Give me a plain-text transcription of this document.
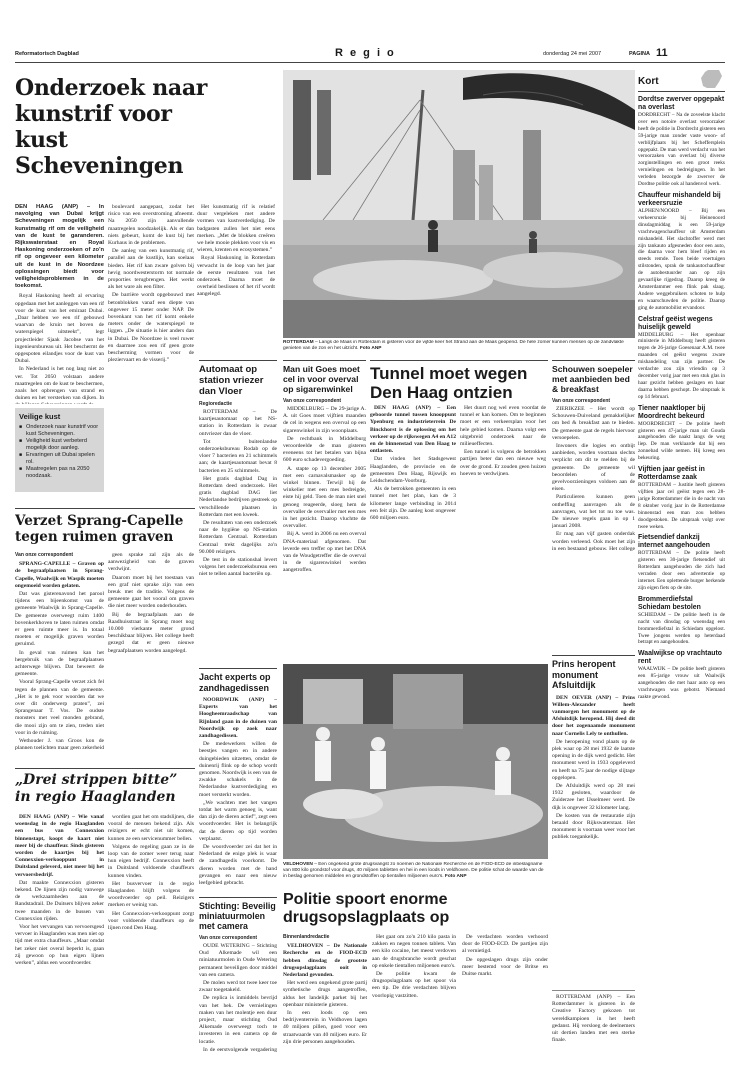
Reformatorisch Dagblad	R e g i o	donderdag 24 mei 2007	PAGINA 11
Onderzoek naar kunstrif voor kust Scheveningen
DEN HAAG (ANP) – In navolging van Dubai krijgt Scheveningen mogelijk een kunstmatig rif om de veiligheid van de kust te garanderen. Rijkswaterstaat en Royal Haskoning onderzoeken of zo'n rif op ongeveer een kilometer uit de kust in de Noordzee oplossingen biedt voor veiligheidsproblemen in de toekomst.

Royal Haskoning heeft al ervaring opgedaan met het aanleggen van een rif voor de kust van het emiraat Dubai. „Daar hebben we een rif gebouwd waarvan de kruin net boven de waterspiegel uitsteekt”, legt projectleider Sjaak Jacobse van het ingenieursbureau uit. Het beschermt de opgespoten eilandjes voor de kust van Dubai.

In Nederland is het nog lang niet zo ver. Tot 2050 volstaan andere maatregelen om de kust te beschermen, zoals het opbrengen van strand en duinen en het versterken van dijken. In

boulevard aangepast, zodat het risico van een overstroming afneemt. Na 2050 zijn aanvullende maatregelen noodzakelijk. Als er dan niets gebeurt, komt de kust bij het Kurhaus in de problemen.

De aanleg van een kunstmatig rif, parallel aan de kustlijn, kan soelaas bieden. Het rif kan zware golven bij hevig noordwesterstorm tot normale proporties terugbrengen. Het werkt als het ware als een filter.

De barrière wordt opgebouwd met betonblokken vanaf een diepte van ongeveer 15 meter onder NAP. De bovenkant van het rif komt enkele meters onder de waterspiegel te liggen. „De situatie is hier anders dan in Dubai. De Noordzee is veel ruwer en daarmee zou een rif geen grote bescherming vormen voor de pleziervaart en de visserij.”

Het kunstmatig rif is relatief duur vergeleken met andere vormen van kustverdediging. De badgasten zullen het niet eens merken. „Met de blokken creëren we hele mooie plekken voor vis en wieren, krenten en ecosystemen.”

Royal Haskoning in Rotterdam verwacht in de loop van het jaar de eerste resultaten van het onderzoek. Daarna moet de overheid beslissen of het rif wordt aangelegd.

Veilige kust
■ Onderzoek naar kunstrif voor kust Scheveningen.
■ Veiligheid kust verbeterd mogelijk door aanleg.
■ Ervaringen uit Dubai spelen rol.
■ Maatregelen pas na 2050 noodzaak.
ROTTERDAM – Langs de Maas in Rotterdam is gisteren voor de vijfde keer het Strand aan de Maas geopend. De hele zomer kunnen mensen op de zandvlakte genieten van de zon en het uitzicht. Foto ANP
Kort
Dordtse zwerver opgepakt na overlast
DORDRECHT – Na de zoveelste klacht over een notoire overlast veroorzaker heeft de politie in Dordrecht gisteren een 59-jarige man zonder vaste woon- of verblijfplaats bij het Scheffersplein opgepakt. De man werd verdacht van het veroorzaken van overlast bij diverse zorginstellingen en een groot reeks vernielingen en bedreigingen. In het verleden bezorgde de zwerver de Dordtse politie ook al handenvol werk.
Chauffeur mishandeld bij verkeersruzie
ALPHEN/NOORD – Bij een verkeersruzie bij Heinenoord dinsdagmiddag is een 59-jarige vrachtwagenchauffeur uit Amsterdam mishandeld. Het slachtoffer werd met zijn tankauto afgesneden door een auto, die daarna voor hem bleef rijden en steeds remde. Toen beide voertuigen stilstonden, sprak de tankautochauffeur de autobestuurder aan op zijn gevaarlijke rijgedrag. Daarop kreeg de Amsterdammer een flink pak slaag. Andere weggebruikers schoten te hulp en waarschuwden de politie. Daarop ging de automobilist ervandoor.
Celstraf geëist wegens huiselijk geweld
MIDDELBURG – Het openbaar ministerie in Middelburg heeft gisteren tegen de 26-jarige Goesenaar A.M. twee maanden cel geëist wegens zware mishandeling van zijn partner. De verdachte zou zijn vriendin op 3 december vorig jaar met een stuk glas in haar gezicht hebben geslagen en haar daarna hebben geschopt. De uitspraak is op 14 februari.
Tiener naaktloper bij Moordrecht bekeurd
MOORDRECHT – De politie heeft gisteren een 47-jarige man uit Gouda aangehouden die naakt langs de weg liep. De man verklaarde dat hij een zonnebad wilde nemen. Hij kreeg een bekeuring.
Vijftien jaar geëist in Rotterdamse zaak
ROTTERDAM – Justitie heeft gisteren vijftien jaar cel geëist tegen een 28-jarige Rotterdammer die in de nacht van 8 oktober vorig jaar in de Rotterdamse binnenstad een man zou hebben doodgestoken. De uitspraak volgt over twee weken.
Fietsendief dankzij internet aangehouden
ROTTERDAM – De politie heeft gisteren een 30-jarige fietsendief uit Rotterdam aangehouden die zich had verraden door een advertentie op internet. Een oplettende burger herkende zijn eigen fiets op de site.
Brommerdiefstal Schiedam bestolen
SCHIEDAM – De politie heeft in de nacht van dinsdag op woensdag een brommerdiefstal in Schiedam opgelost. Twee jongens werden op heterdaad betrapt en aangehouden.
Waalwijkse op vrachtauto rent
WAALWIJK – De politie heeft gisteren een 85-jarige vrouw uit Waalwijk aangehouden die met haar auto op een vrachtwagen was gebotst. Niemand raakte gewond.
Automaat op station vriezer dan Vloer
Regioredactie

ROTTERDAM – De kaartjesautomaat op het NS-station in Rotterdam is zwaar ontvriezer dan de vloer.

Tot buitenlandse onderzoeksbureau Rodab op de vloer 7 bacterien en 21 schimmels aan; de kaartjesautomaat bevat 8 bacterien en 25 schimmels.

Het gratis dagblad Dag in Rotterdam deed onderzoek. Het gratis dagblad DAG liet Nederlandse bedrijven gestreek op verschillende plaatsen in Rotterdam met een kweek.

De resultaten van een onderzoek naar de hygiëne op NS-station Rotterdam Centraal. Rotterdam Centraal trekt dagelijks zo'n 90.000 reizigers.

De test in de stationshal levert volgens het onderzoeksbureau een niet te tellen aantal bacteriën op.

Man uit Goes moet cel in voor overval op sigarenwinkel
Van onze correspondent

MIDDELBURG – De 29-jarige A. A. uit Goes moet vijftien maanden de cel in wegens een overval op een sigarenwinkel in zijn woonplaats.

De rechtbank in Middelburg veroordeelde de man gisteren eveneens tot het betalen van bijna 600 euro schadevergoeding.

A. stapte op 13 december 2005 met een carnavalsmasker op de winkel binnen. Terwijl hij de winkelier met een mes bedreigde, eiste hij geld. Toen de man niet snel genoeg reageerde, sloeg hem de overvaller de overvaller met een mes in het gezicht. Daarop vluchtte de overvaller.

Bij A. werd in 2006 nu een overval DNA-materiaal afgenomen. Dat leverde een treffer op met het DNA van de Woudgetreffer die de overval in de sigarenwinkel werden aangetroffen.

Tunnel moet wegen Den Haag ontzien

DEN HAAG (ANP) – Een geboorde tunnel tussen knooppunt Ypenburg en industrieterrein De Binckhorst is de oplossing om het verkeer op de rijkswegen A4 en A12 en de binnenstad van Den Haag te ontlasten.

Dat vinden het Stadsgewest Haaglanden, de provincie en de gemeenten Den Haag, Rijswijk en Leidschendam-Voorburg.

Als de betrokken gemeenten in een tunnel met het plan, kan de 3 kilometer lange verbinding in 2014 een feit zijn. De aanleg kost ongeveer 600 miljoen euro.

Het duurt nog wel even voordat de tunnel er kan komen. Om te beginnen moet er een verkeersplan voor het hele gebied komen. Daarna volgt een uitgebreid onderzoek naar de milieueffecten.

Een tunnel is volgens de betrokken partijen beter dan een nieuwe weg over de grond. Er zouden geen huizen hoeven te verdwijnen.

Schouwen soepeler met aanbieden bed & breakfast
Van onze correspondent

ZIERIKZEE – Het wordt op Schouwen-Duiveland gemakkelijker om bed & breakfast aan te bieden. De gemeente gaat de regels hiervoor versoepelen.

Inwoners die logies en ontbijt aanbieden, worden voortaan slechts verplicht om dit te melden bij de gemeente. De gemeente wil beoordelen of de gevelvoorzieningen voldoen aan de eisen.

Particulieren kunnen geen ontheffing aanvragen als de aanvragen, wat het tot nu toe was. De nieuwe regels gaan in op 1 januari 2008.

Er mag aan vijf gasten onderdak worden verleend. Ook moet het zijn in een bestaand gebouw. Het college

Prins heropent monument Afsluitdijk

DEN OEVER (ANP) – Prins Willem-Alexander heeft vanmorgen het monument op de Afsluitdijk heropend. Hij deed dit door het zogenaamde monument naar Cornelis Lely te onthullen.

De heropening vond plaats op de plek waar op 28 mei 1932 de laatste opening in de dijk werd gedicht. Het monument werd in 1933 opgeleverd en heeft na 75 jaar de nodige slijtage opgelopen.

De Afsluitdijk werd op 28 mei 1932 gesloten, waardoor de Zuiderzee het IJsselmeer werd. De dijk is ongeveer 32 kilometer lang.

De kosten van de restauratie zijn betaald door Rijkswaterstaat. Het monument is voortaan weer voor het publiek toegankelijk.

ROTTERDAM (ANP) – Een Rotterdammer is gisteren in de Creative Factory gekozen tot wereldkampioen in het heeft gedanst. Hij versloeg de deelnemers uit dertien landen met een sterke finale.

Verzet Sprang-Capelle tegen ruimen graven
Van onze correspondent

SPRANG-CAPELLE – Graven op de begraafplaatsen in Sprang-Capelle, Waalwijk en Waspik moeten ongemoeid worden gelaten.

Dat was gisterenavond het parool tijdens een bijeenkomst van de gemeente Waalwijk in Sprang-Capelle. De gemeente overweegt ruim 1400 bovenkerkhoven te laten ruimen omdat er geen ruimte meer is. In totaal moeten er mogelijk graven worden geruimd.

In geval van ruimen kan het hergebruik van de begraafplaatsen achterwege blijven. Dat beweert de gemeente.

Vooral Sprang-Capelle verzet zich fel tegen de plannen van de gemeente. „Het is te gek voor woorden dat we over dit onderwerp praten”, zei Sprangenaar T. Vos. De oudste monsters met veel monden gebrand, die mooi zijn om te zien, treden niet voor in de ruiming.

Wethouder J. van Groos kon de plannen toelichten maar geen zekerheid

geen sprake zal zijn als de aanwezigheid van de graven verdwijnt.

Daarom moet bij het toestaan van een graf niet sprake zijn van een breuk met de traditie. Volgens de gemeente gaat het vooral om graven die niet meer worden onderhouden.

Bij de begraafplaats aan de Raadhuisstraat in Sprang moet nog 10.000 vierkante meter grond beschikbaar blijven. Het college heeft gezegd dat er geen nieuwe begraafplaatsen worden aangelegd.

„Drei strippen bitte” in regio Haaglanden

DEN HAAG (ANP) – Wie vanaf woensdag in de regio Haaglanden een bus van Connexxion binnenstapt, koopt de kaart niet meer bij de chauffeur. Sinds gisteren worden de kaartjes bij het Connexxion-verkooppunt in Duitsland geleverd, niet meer bij het vervoersbedrijf.

Dat maakte Connexxion gisteren bekend. De lijnen zijn nodig vanwege de werkzaamheden aan de Randstadrail. De Duitsers blijven zeker twee maanden in de bussen van Connexxion rijden.

Voor het vervangen van vervoersgesd vervoer in Haaglanden was men niet op tijd met extra chauffeurs. „Maar omdat het zeker niet overal beperkt is, gaan zij gewoon op hun eigen lijnen werken”, aldus een woordvoerder.

wordien gaat het om stadslijnen, die vooral de mensen bekend zijn. Als reizigers er echt niet uit komen, kunnen ze een servicenummer bellen.

Volgens de regeling gaan ze in de loop van de zomer weer terug naar hun eigen bedrijf. Connexxion heeft in Duitsland voldoende chauffeurs kunnen vinden.

Het busvervoer in de regio Haaglanden blijft volgens de woordvoerder op peil. Reizigers merken er weinig van.

Het Connexxion-verkooppunt zorgt voor voldoende chauffeurs op de lijnen rond Den Haag.

Jacht experts op zandhagedissen

NOORDWIJK (ANP) – Experts van het Hoogheemraadschap van Rijnland gaan in de duinen van Noordwijk op zoek naar zandhagedissen.

De medewerkers willen de beestjes vangen en in andere duingebieden uitzetten, omdat de duinenrij flink op de schop wordt genomen. Noordwijk is een van de zwakke schakels in de Nederlandse kustverdediging en moet versterkt worden.

„We wachten met het vangen totdat het warm genoeg is, want dan zijn de dieren actief”, zegt een woordvoerder. Het is belangrijk dat de dieren op tijd worden verplaatst.

De woordvoerder zei dat het in Nederland de enige plek is waar de zandhagedis voorkomt. De dieren worden met de hand gevangen en naar een nieuw leefgebied gebracht.

Stichting: Beveilig miniatuurmolen met camera
Van onze correspondent

OUDE WETERING – Stichting Oud Alkemade wil een miniatuurmolen in Oude Wetering permanent beveiligen door middel van een camera.

De molen werd tot twee keer toe zwaar toegetakeld.

De replica is inmiddels bevrijd van het hek. De vernielingen maken van het molentje een duur project, maar stichting Oud Alkemade overweegt toch te investeren in een camera op de locatie.

In de eerstvolgende vergadering

VELDHOVEN – Een ongekend grote drugsvangst zo noemen de Nationale Recherche en de FIOD-ECD de inbeslagname van 800 kilo grondstof voor drugs, 40 miljoen tabletten en hei in een loods in Veldhoven. De politie schat de waarde van de in beslag genomen middelen en grondstoffen op tientallen miljoenen euro's. Foto ANP
Politie spoort enorme drugsopslagplaats op
Binnenlandredactie

VELDHOVEN – De Nationale Recherche en de FIOD-ECD hebben dinsdag de grootste drugsopslagplaats ooit in Nederland gevonden.

Het werd een ongekend grote partij synthetische drugs aangetroffen, aldus het landelijk parket bij het openbaar ministerie gisteren.

In een loods op een bedrijventerrein in Veldhoven lagen 40 miljoen pillen, goed voor een straatwaarde van 40 miljoen euro. Er zijn drie personen aangehouden.

Het gaat om zo'n 210 kilo pasta in zakken en negen tonnen tablets. Van een kilo cocaine, het meest verdoven aan de drugsbranche wordt geschat op enkele tientallen miljoenen euro's.

De politie kwam de drugsopslagplaats op het spoor via een tip. De drie verdachten blijven voorlopig vastzitten.

De verdachten worden verhoord door de FIOD-ECD. De partijen zijn al vernietigd.

De opgeslagen drugs zijn onder meer bestemd voor de Britse en Duitse markt.
